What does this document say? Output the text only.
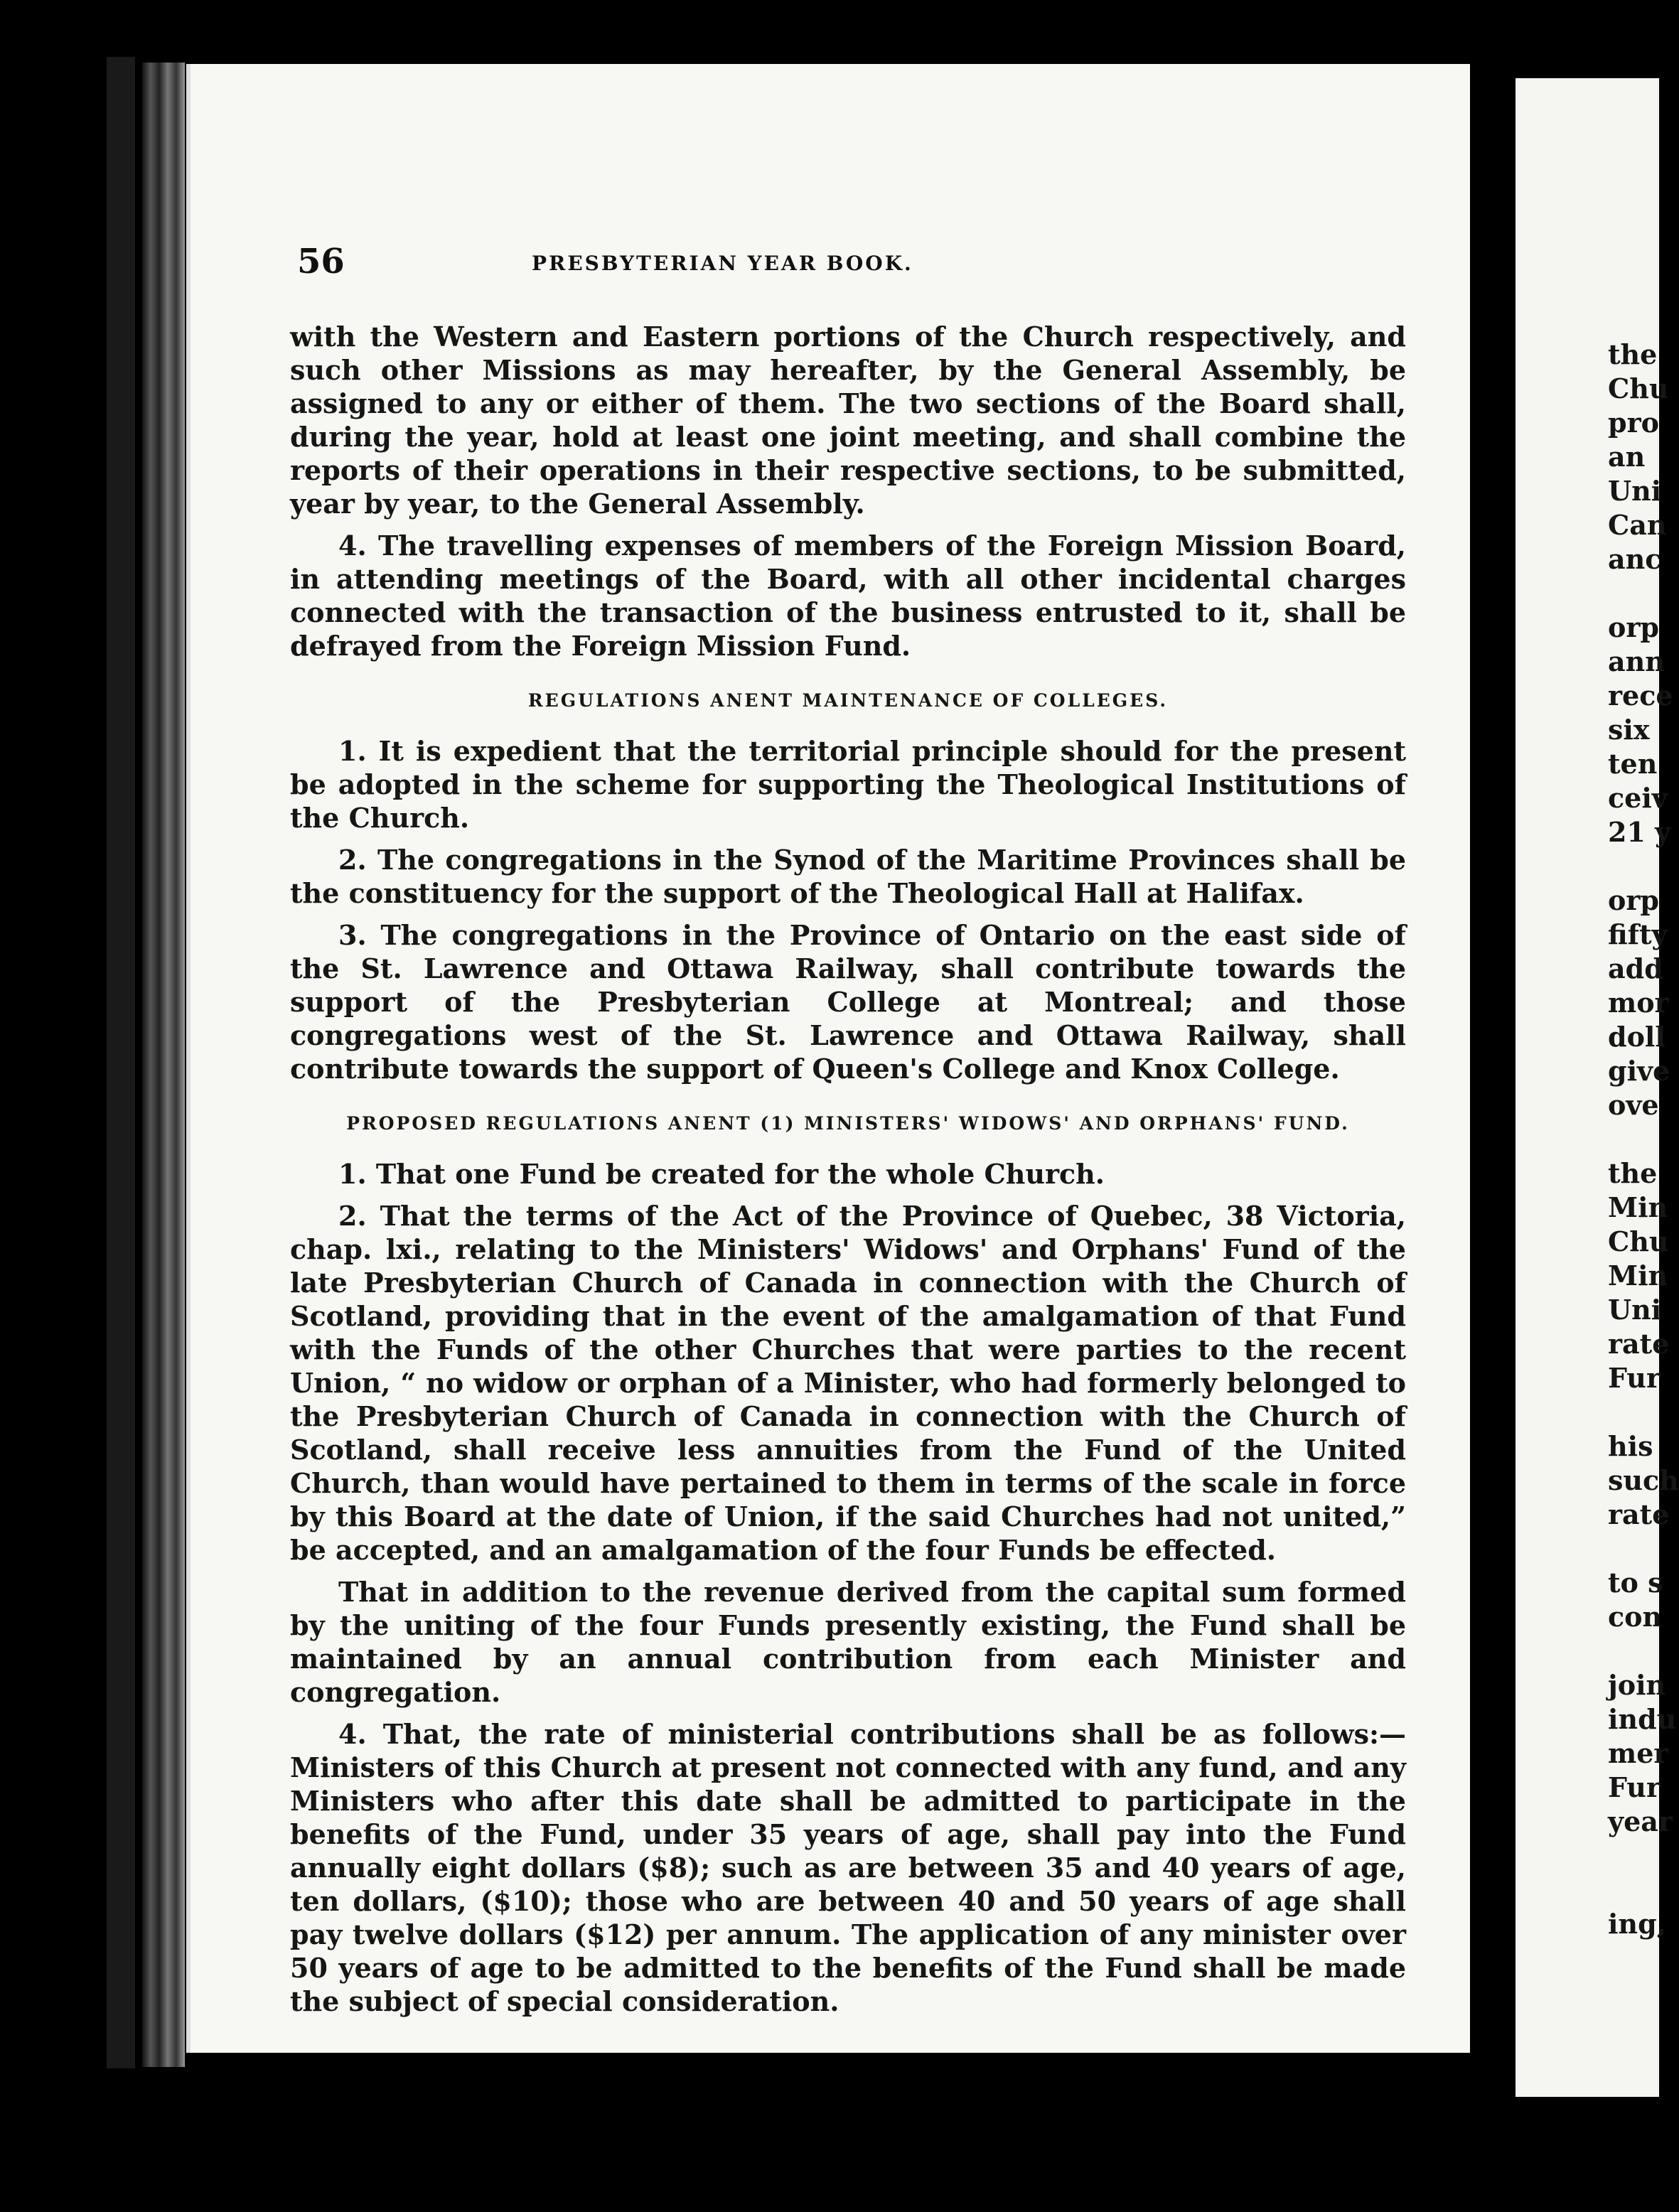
56	PRESBYTERIAN YEAR BOOK.

with the Western and Eastern portions of the Church respectively, and such other Missions as may hereafter, by the General Assembly, be assigned to any or either of them. The two sections of the Board shall, during the year, hold at least one joint meeting, and shall combine the reports of their operations in their respective sections, to be submitted, year by year, to the General Assembly.

4. The travelling expenses of members of the Foreign Mission Board, in attending meetings of the Board, with all other incidental charges connected with the transaction of the business entrusted to it, shall be defrayed from the Foreign Mission Fund.

REGULATIONS ANENT MAINTENANCE OF COLLEGES.

1. It is expedient that the territorial principle should for the present be adopted in the scheme for supporting the Theological Institutions of the Church.

2. The congregations in the Synod of the Maritime Provinces shall be the constituency for the support of the Theological Hall at Halifax.

3. The congregations in the Province of Ontario on the east side of the St. Lawrence and Ottawa Railway, shall contribute towards the support of the Presbyterian College at Montreal; and those congregations west of the St. Lawrence and Ottawa Railway, shall contribute towards the support of Queen's College and Knox College.

PROPOSED REGULATIONS ANENT (1) MINISTERS' WIDOWS' AND ORPHANS' FUND.

1. That one Fund be created for the whole Church.

2. That the terms of the Act of the Province of Quebec, 38 Victoria, chap. lxi., relating to the Ministers' Widows' and Orphans' Fund of the late Presbyterian Church of Canada in connection with the Church of Scotland, providing that in the event of the amalgamation of that Fund with the Funds of the other Churches that were parties to the recent Union, “ no widow or orphan of a Minister, who had formerly belonged to the Presbyterian Church of Canada in connection with the Church of Scotland, shall receive less annuities from the Fund of the United Church, than would have pertained to them in terms of the scale in force by this Board at the date of Union, if the said Churches had not united,” be accepted, and an amalgamation of the four Funds be effected.

That in addition to the revenue derived from the capital sum formed by the uniting of the four Funds presently existing, the Fund shall be maintained by an annual contribution from each Minister and congregation.

4. That, the rate of ministerial contributions shall be as follows:— Ministers of this Church at present not connected with any fund, and any Ministers who after this date shall be admitted to participate in the benefits of the Fund, under 35 years of age, shall pay into the Fund annually eight dollars ($8); such as are between 35 and 40 years of age, ten dollars, ($10); those who are between 40 and 50 years of age shall pay twelve dollars ($12) per annum. The application of any minister over 50 years of age to be admitted to the benefits of the Fund shall be made the subject of special consideration.

the
Chu
pro
an
Uni
Can
anc
orp
ann
rece
six
ten
ceiv
21 y
orp
fifty
add
mor
doll
give
ove
the
Min
Chu
Min
Uni
rate
Fur
his
such
rate
to s
con
join
indu
mer
Fur
year
ing,
